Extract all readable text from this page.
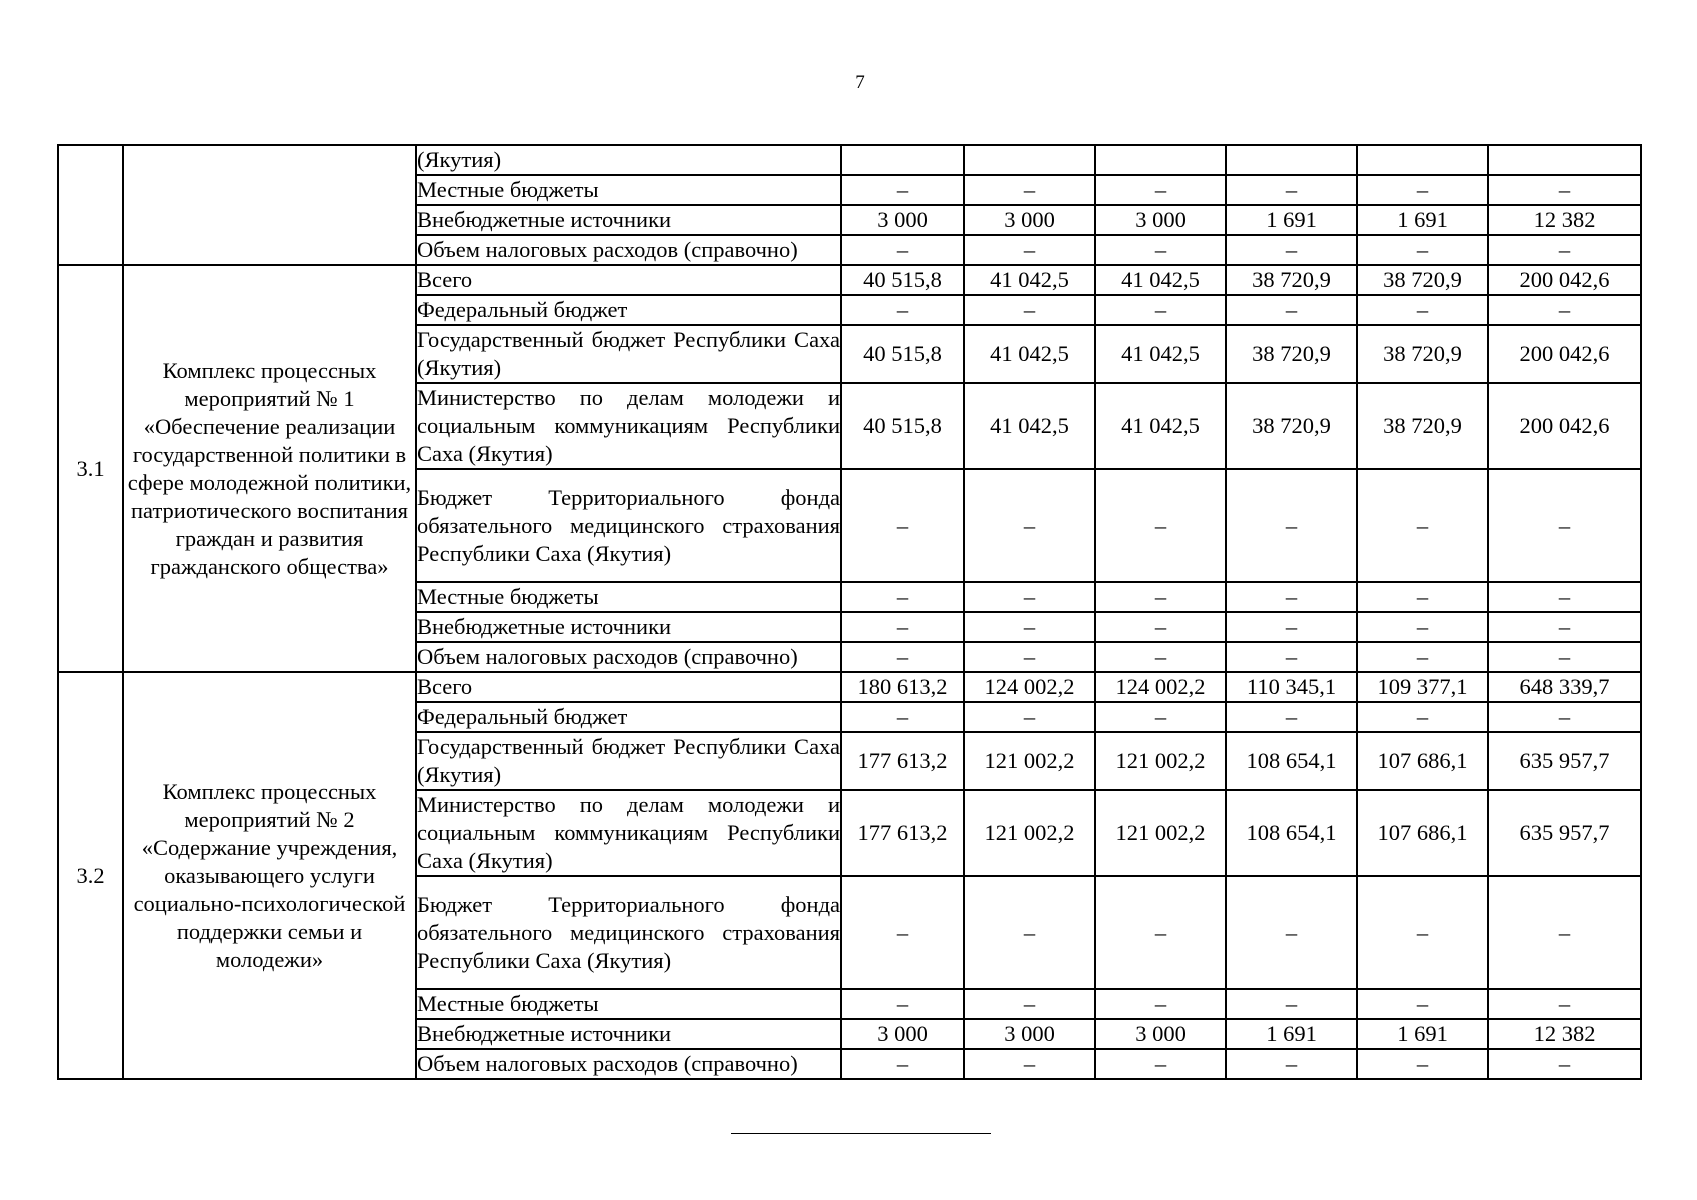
7
		(Якутия)						
		Местные бюджеты	–	–	–	–	–	–
		Внебюджетные источники	3 000	3 000	3 000	1 691	1 691	12 382
		Объем налоговых расходов (справочно)	–	–	–	–	–	–
3.1	Комплекс процессных мероприятий № 1 «Обеспечение реализации государственной политики в сфере молодежной политики, патриотического воспитания граждан и развития гражданского общества»	Всего	40 515,8	41 042,5	41 042,5	38 720,9	38 720,9	200 042,6
		Федеральный бюджет	–	–	–	–	–	–
		Государственный бюджет Республики Саха (Якутия)	40 515,8	41 042,5	41 042,5	38 720,9	38 720,9	200 042,6
		Министерство по делам молодежи и социальным коммуникациям Республики Саха (Якутия)	40 515,8	41 042,5	41 042,5	38 720,9	38 720,9	200 042,6
		Бюджет Территориального фонда обязательного медицинского страхования Республики Саха (Якутия)	–	–	–	–	–	–
		Местные бюджеты	–	–	–	–	–	–
		Внебюджетные источники	–	–	–	–	–	–
		Объем налоговых расходов (справочно)	–	–	–	–	–	–
3.2	Комплекс процессных мероприятий № 2 «Содержание учреждения, оказывающего услуги социально-психологической поддержки семьи и молодежи»	Всего	180 613,2	124 002,2	124 002,2	110 345,1	109 377,1	648 339,7
		Федеральный бюджет	–	–	–	–	–	–
		Государственный бюджет Республики Саха (Якутия)	177 613,2	121 002,2	121 002,2	108 654,1	107 686,1	635 957,7
		Министерство по делам молодежи и социальным коммуникациям Республики Саха (Якутия)	177 613,2	121 002,2	121 002,2	108 654,1	107 686,1	635 957,7
		Бюджет Территориального фонда обязательного медицинского страхования Республики Саха (Якутия)	–	–	–	–	–	–
		Местные бюджеты	–	–	–	–	–	–
		Внебюджетные источники	3 000	3 000	3 000	1 691	1 691	12 382
		Объем налоговых расходов (справочно)	–	–	–	–	–	–
